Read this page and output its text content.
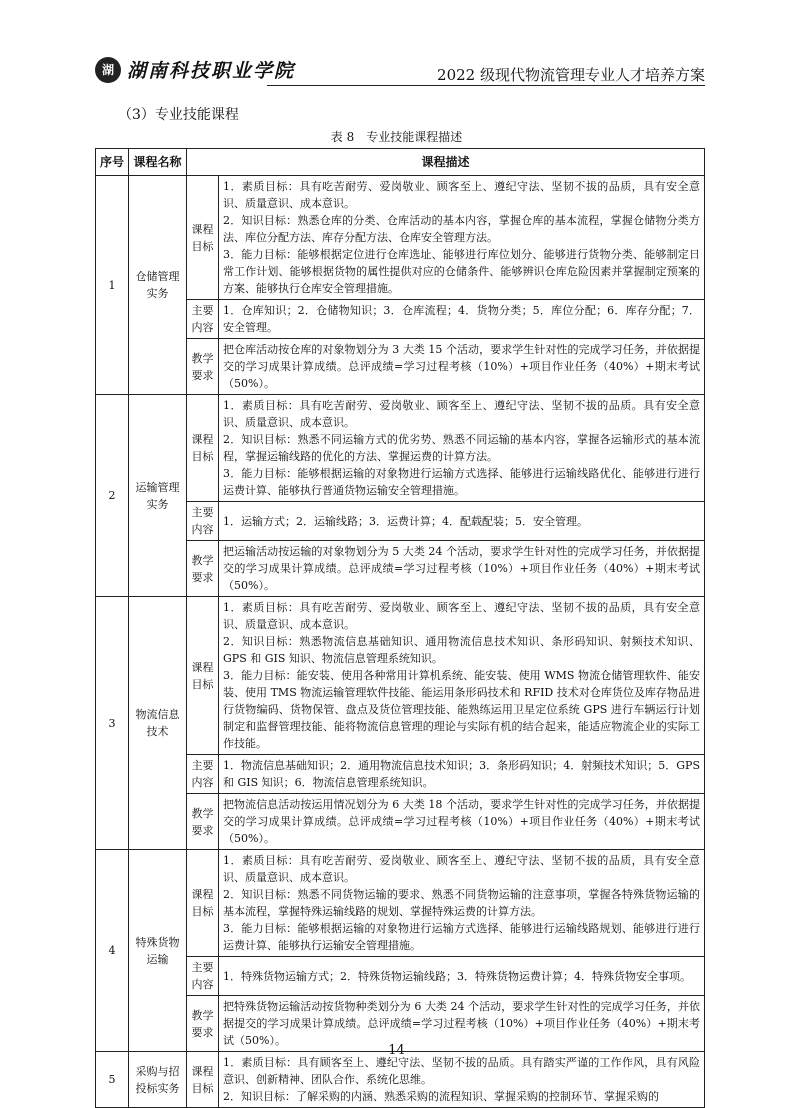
湖 湖南科技职业学院	2022 级现代物流管理专业人才培养方案
（3）专业技能课程
表 8　专业技能课程描述
序号	课程名称	课程描述	
1	仓储管理实务	课程目标	1．素质目标：具有吃苦耐劳、爱岗敬业、顾客至上、遵纪守法、坚韧不拔的品质，具有安全意识、质量意识、成本意识。
2．知识目标：熟悉仓库的分类、仓库活动的基本内容，掌握仓库的基本流程，掌握仓储物分类方法、库位分配方法、库存分配方法、仓库安全管理方法。
3．能力目标：能够根据定位进行仓库选址、能够进行库位划分、能够进行货物分类、能够制定日常工作计划、能够根据货物的属性提供对应的仓储条件、能够辨识仓库危险因素并掌握制定预案的方案、能够执行仓库安全管理措施。

		主要内容	1．仓库知识；2．仓储物知识；3．仓库流程；4．货物分类；5．库位分配；6．库存分配；7．安全管理。

		教学要求	把仓库活动按仓库的对象物划分为 3 大类 15 个活动，要求学生针对性的完成学习任务，并依据提交的学习成果计算成绩。总评成绩=学习过程考核（10%）+项目作业任务（40%）+期末考试（50%）。

2	运输管理实务	课程目标	1．素质目标：具有吃苦耐劳、爱岗敬业、顾客至上、遵纪守法、坚韧不拔的品质。具有安全意识、质量意识、成本意识。
2．知识目标：熟悉不同运输方式的优劣势、熟悉不同运输的基本内容，掌握各运输形式的基本流程，掌握运输线路的优化的方法、掌握运费的计算方法。
3．能力目标：能够根据运输的对象物进行运输方式选择、能够进行运输线路优化、能够进行进行运费计算、能够执行普通货物运输安全管理措施。

		主要内容	1．运输方式；2．运输线路；3．运费计算；4．配载配装；5．安全管理。

		教学要求	把运输活动按运输的对象物划分为 5 大类 24 个活动，要求学生针对性的完成学习任务，并依据提交的学习成果计算成绩。总评成绩=学习过程考核（10%）+项目作业任务（40%）+期末考试（50%）。

3	物流信息技术	课程目标	1．素质目标：具有吃苦耐劳、爱岗敬业、顾客至上、遵纪守法、坚韧不拔的品质，具有安全意识、质量意识、成本意识。
2．知识目标：熟悉物流信息基础知识、通用物流信息技术知识、条形码知识、射频技术知识、GPS 和 GIS 知识、物流信息管理系统知识。
3．能力目标：能安装、使用各种常用计算机系统、能安装、使用 WMS 物流仓储管理软件、能安装、使用 TMS 物流运输管理软件技能、能运用条形码技术和 RFID 技术对仓库货位及库存物品进行货物编码、货物保管、盘点及货位管理技能、能熟练运用卫星定位系统 GPS 进行车辆运行计划制定和监督管理技能、能将物流信息管理的理论与实际有机的结合起来，能适应物流企业的实际工作技能。

		主要内容	1．物流信息基础知识；2．通用物流信息技术知识；3．条形码知识；4．射频技术知识；5．GPS 和 GIS 知识；6．物流信息管理系统知识。

		教学要求	把物流信息活动按运用情况划分为 6 大类 18 个活动，要求学生针对性的完成学习任务，并依据提交的学习成果计算成绩。总评成绩=学习过程考核（10%）+项目作业任务（40%）+期末考试（50%）。

4	特殊货物运输	课程目标	1．素质目标：具有吃苦耐劳、爱岗敬业、顾客至上、遵纪守法、坚韧不拔的品质，具有安全意识、质量意识、成本意识。
2．知识目标：熟悉不同货物运输的要求、熟悉不同货物运输的注意事项，掌握各特殊货物运输的基本流程，掌握特殊运输线路的规划、掌握特殊运费的计算方法。
3．能力目标：能够根据运输的对象物进行运输方式选择、能够进行运输线路规划、能够进行进行运费计算、能够执行运输安全管理措施。

		主要内容	1．特殊货物运输方式；2．特殊货物运输线路；3．特殊货物运费计算；4．特殊货物安全事项。

		教学要求	把特殊货物运输活动按货物种类划分为 6 大类 24 个活动，要求学生针对性的完成学习任务，并依据提交的学习成果计算成绩。总评成绩=学习过程考核（10%）+项目作业任务（40%）+期末考试（50%）。

5	采购与招投标实务	课程目标	1．素质目标：具有顾客至上、遵纪守法、坚韧不拔的品质。具有踏实严谨的工作作风，具有风险意识、创新精神、团队合作、系统化思维。
2．知识目标：了解采购的内涵、熟悉采购的流程知识、掌握采购的控制环节、掌握采购的
14
